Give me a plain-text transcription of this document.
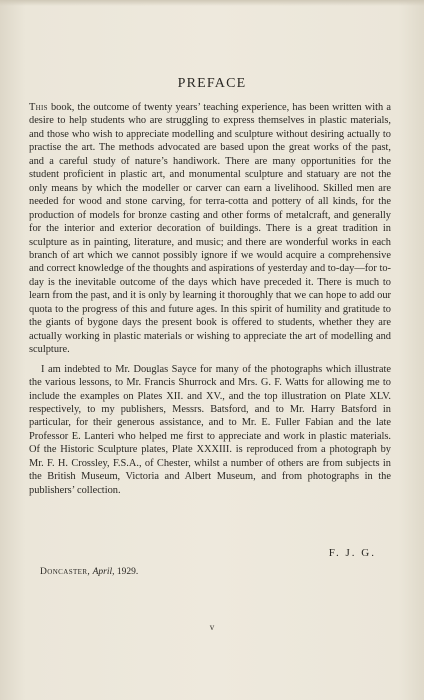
PREFACE

This book, the outcome of twenty years’ teaching experience, has been written with a desire to help students who are struggling to express themselves in plastic materials, and those who wish to appreciate modelling and sculpture without desiring actually to practise the art. The methods advocated are based upon the great works of the past, and a careful study of nature’s handiwork. There are many opportunities for the student proficient in plastic art, and monumental sculpture and statuary are not the only means by which the modeller or carver can earn a livelihood. Skilled men are needed for wood and stone carving, for terra-cotta and pottery of all kinds, for the production of models for bronze casting and other forms of metalcraft, and generally for the interior and exterior decoration of buildings. There is a great tradition in sculpture as in painting, literature, and music; and there are wonderful works in each branch of art which we cannot possibly ignore if we would acquire a comprehensive and correct knowledge of the thoughts and aspirations of yesterday and to-day—for to-day is the inevitable outcome of the days which have preceded it. There is much to learn from the past, and it is only by learning it thoroughly that we can hope to add our quota to the progress of this and future ages. In this spirit of humility and gratitude to the giants of bygone days the present book is offered to students, whether they are actually working in plastic materials or wishing to appreciate the art of modelling and sculpture.

I am indebted to Mr. Douglas Sayce for many of the photographs which illustrate the various lessons, to Mr. Francis Shurrock and Mrs. G. F. Watts for allowing me to include the examples on Plates XII. and XV., and the top illustration on Plate XLV. respectively, to my publishers, Messrs. Batsford, and to Mr. Harry Batsford in particular, for their generous assistance, and to Mr. E. Fuller Fabian and the late Professor E. Lanteri who helped me first to appreciate and work in plastic materials. Of the Historic Sculpture plates, Plate XXXIII. is reproduced from a photograph by Mr. F. H. Crossley, F.S.A., of Chester, whilst a number of others are from subjects in the British Museum, Victoria and Albert Museum, and from photographs in the publishers’ collection.

F. J. G.
Doncaster, April, 1929.
v
